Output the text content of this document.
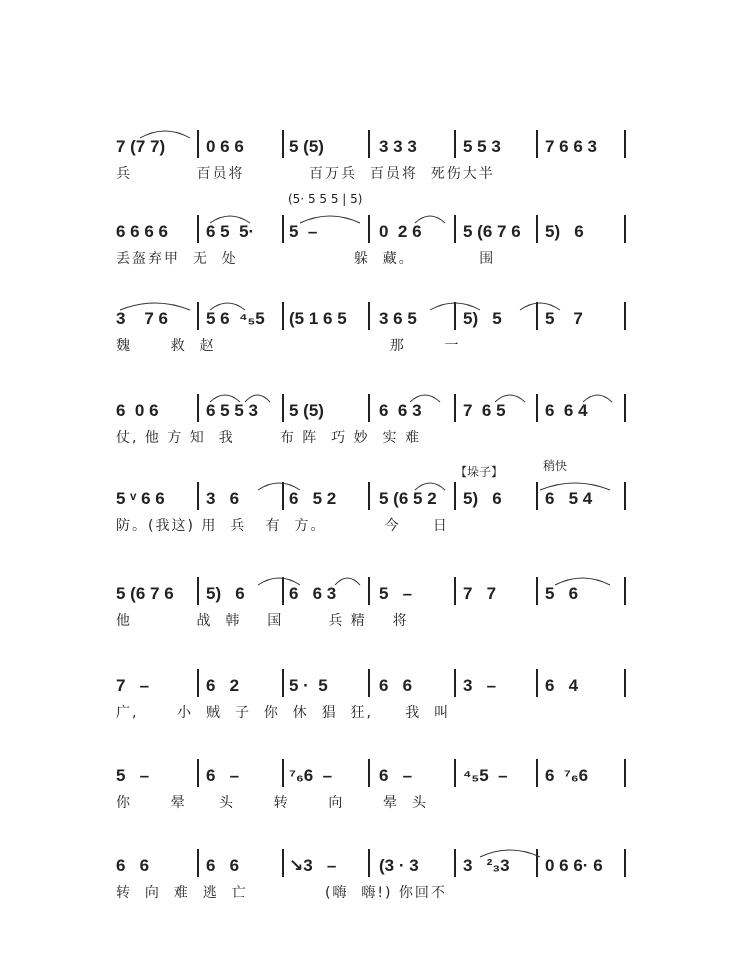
7 (7 7) 0 6 6	5 (5)	3 3 3	5 5 3	7 6 6 3
兵          百员将          百万兵  百员将  死伤大半
6 6 6 6 6 5  5· 5  –	0  2 6 5 (6 7 6 5)   6
丢盔弃甲  无  处                  躲  藏。          围
(5· 5 5 5 | 5)
3    7 6 5 6  ⁴₅5 (5 1 6 5 3 6 5	5)   5	5    7
魏      救  赵                           那      一
6  0 6	6 5 5 3 5 (5)	6  6 3 7  6 5 6  6 4
仗, 他 方 知  我       布 阵  巧 妙  实 难
5 ᵛ 6 6 3   6	6   5 2	5 (6 5 2 5)   6	6   5 4
防。(我这) 用  兵   有  方。         今     日
【垛子】	稍快
5 (6 7 6 5)   6	6   6 3	5   –	7   7	5   6
他          战  韩    国       兵 精    将
7   –	6   2	5 ·  5	6   6	3   –	6   4
广,      小  贼  子  你  休  猖  狂,     我  叫
5   –	6   –	⁷₆6  –	6   –	⁴₅5  – 6  ⁷₆6
你      晕     头      转      向      晕  头
6   6	6   6	↘3   –	(3 · 3	3   ²₃3 0 6 6· 6
转  向  难  逃  亡            (嗨  嗨!) 你回不
